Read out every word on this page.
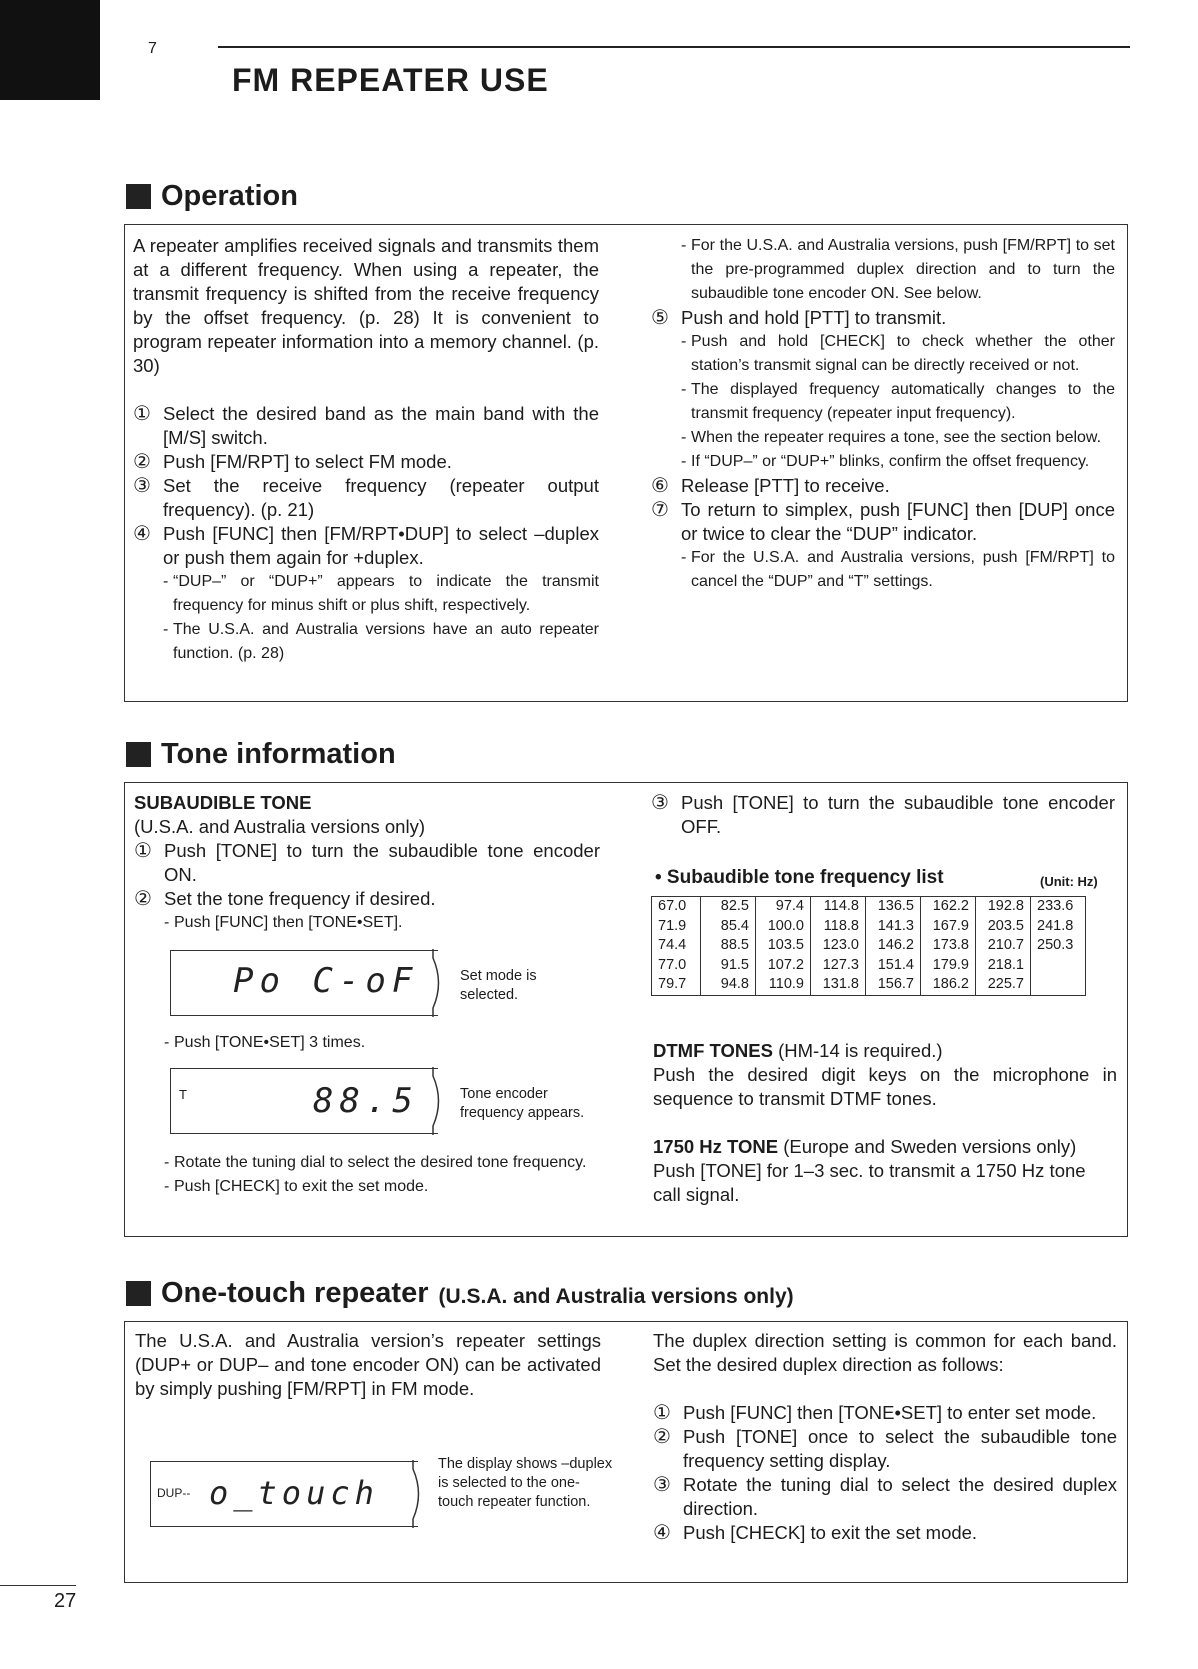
7
FM REPEATER USE
Operation

A repeater amplifies received signals and transmits them at a different frequency. When using a repeater, the transmit frequency is shifted from the receive frequency by the offset frequency. (p. 28) It is convenient to program repeater information into a memory channel. (p. 30)

① Select the desired band as the main band with the [M/S] switch.
② Push [FM/RPT] to select FM mode.
③ Set the receive frequency (repeater output frequency). (p. 21)
④ Push [FUNC] then [FM/RPT•DUP] to select –duplex or push them again for +duplex.
- “DUP–” or “DUP+” appears to indicate the transmit frequency for minus shift or plus shift, respectively.
- The U.S.A. and Australia versions have an auto repeater function. (p. 28)
- For the U.S.A. and Australia versions, push [FM/RPT] to set the pre-programmed duplex direction and to turn the subaudible tone encoder ON. See below.
⑤ Push and hold [PTT] to transmit.
- Push and hold [CHECK] to check whether the other station’s transmit signal can be directly received or not.
- The displayed frequency automatically changes to the transmit frequency (repeater input frequency).
- When the repeater requires a tone, see the section below.
- If “DUP–” or “DUP+” blinks, confirm the offset frequency.
⑥ Release [PTT] to receive.
⑦ To return to simplex, push [FUNC] then [DUP] once or twice to clear the “DUP” indicator.
- For the U.S.A. and Australia versions, push [FM/RPT] to cancel the “DUP” and “T” settings.
Tone information
SUBAUDIBLE TONE
(U.S.A. and Australia versions only)
① Push [TONE] to turn the subaudible tone encoder ON.
② Set the tone frequency if desired.
- Push [FUNC] then [TONE•SET].
Po C-oF	Set mode is selected.
- Push [TONE•SET] 3 times.
T	88.5	Tone encoder frequency appears.
- Rotate the tuning dial to select the desired tone frequency.
- Push [CHECK] to exit the set mode.
③ Push [TONE] to turn the subaudible tone encoder OFF.
• Subaudible tone frequency list	(Unit: Hz)
67.0	82.5	97.4	114.8	136.5	162.2	192.8	233.6
71.9	85.4	100.0	118.8	141.3	167.9	203.5	241.8
74.4	88.5	103.5	123.0	146.2	173.8	210.7	250.3
77.0	91.5	107.2	127.3	151.4	179.9	218.1	
79.7	94.8	110.9	131.8	156.7	186.2	225.7	
DTMF TONES (HM-14 is required.)

Push the desired digit keys on the microphone in sequence to transmit DTMF tones.

1750 Hz TONE (Europe and Sweden versions only)

Push [TONE] for 1–3 sec. to transmit a 1750 Hz tone call signal.

One-touch repeater (U.S.A. and Australia versions only)

The U.S.A. and Australia version’s repeater settings (DUP+ or DUP– and tone encoder ON) can be activated by simply pushing [FM/RPT] in FM mode.

DUP-- o_touch
The display shows –duplex is selected to the one-touch repeater function.

The duplex direction setting is common for each band. Set the desired duplex direction as follows:

① Push [FUNC] then [TONE•SET] to enter set mode.
② Push [TONE] once to select the subaudible tone frequency setting display.
③ Rotate the tuning dial to select the desired duplex direction.
④ Push [CHECK] to exit the set mode.
27
